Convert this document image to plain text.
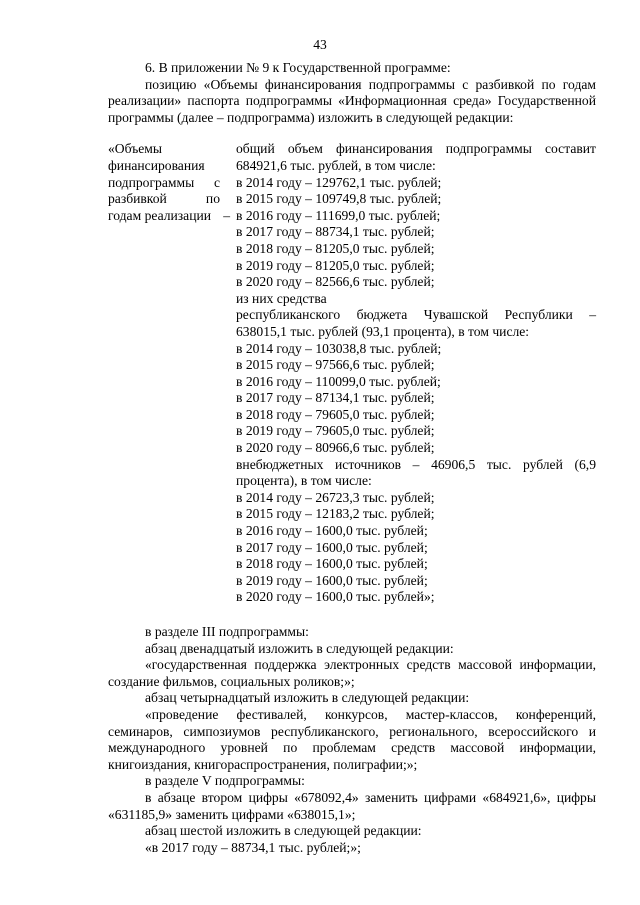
43

6. В приложении № 9 к Государственной программе:

позицию «Объемы финансирования подпрограммы с разбивкой по годам реализации» паспорта подпрограммы «Информационная среда» Государственной программы (далее – подпрограмма) изложить в следующей редакции:

«Объемы финансирования подпрограммы с разбивкой по годам реализации –

общий объем финансирования подпрограммы составит 684921,6 тыс. рублей, в том числе:

в 2014 году – 129762,1 тыс. рублей;

в 2015 году – 109749,8 тыс. рублей;

в 2016 году – 111699,0 тыс. рублей;

в 2017 году – 88734,1 тыс. рублей;

в 2018 году – 81205,0 тыс. рублей;

в 2019 году – 81205,0 тыс. рублей;

в 2020 году – 82566,6 тыс. рублей;

из них средства

республиканского бюджета Чувашской Республики – 638015,1 тыс. рублей (93,1 процента), в том числе:

в 2014 году – 103038,8 тыс. рублей;

в 2015 году – 97566,6 тыс. рублей;

в 2016 году – 110099,0 тыс. рублей;

в 2017 году – 87134,1 тыс. рублей;

в 2018 году – 79605,0 тыс. рублей;

в 2019 году – 79605,0 тыс. рублей;

в 2020 году – 80966,6 тыс. рублей;

внебюджетных источников – 46906,5 тыс. рублей (6,9 процента), в том числе:

в 2014 году – 26723,3 тыс. рублей;

в 2015 году – 12183,2 тыс. рублей;

в 2016 году – 1600,0 тыс. рублей;

в 2017 году – 1600,0 тыс. рублей;

в 2018 году – 1600,0 тыс. рублей;

в 2019 году – 1600,0 тыс. рублей;

в 2020 году – 1600,0 тыс. рублей»;

в разделе III подпрограммы:

абзац двенадцатый изложить в следующей редакции:

«государственная поддержка электронных средств массовой информации, создание фильмов, социальных роликов;»;

абзац четырнадцатый изложить в следующей редакции:

«проведение фестивалей, конкурсов, мастер-классов, конференций, семинаров, симпозиумов республиканского, регионального, всероссийского и международного уровней по проблемам средств массовой информации, книгоиздания, книгораспространения, полиграфии;»;

в разделе V подпрограммы:

в абзаце втором цифры «678092,4» заменить цифрами «684921,6», цифры «631185,9» заменить цифрами «638015,1»;

абзац шестой изложить в следующей редакции:

«в 2017 году – 88734,1 тыс. рублей;»;
